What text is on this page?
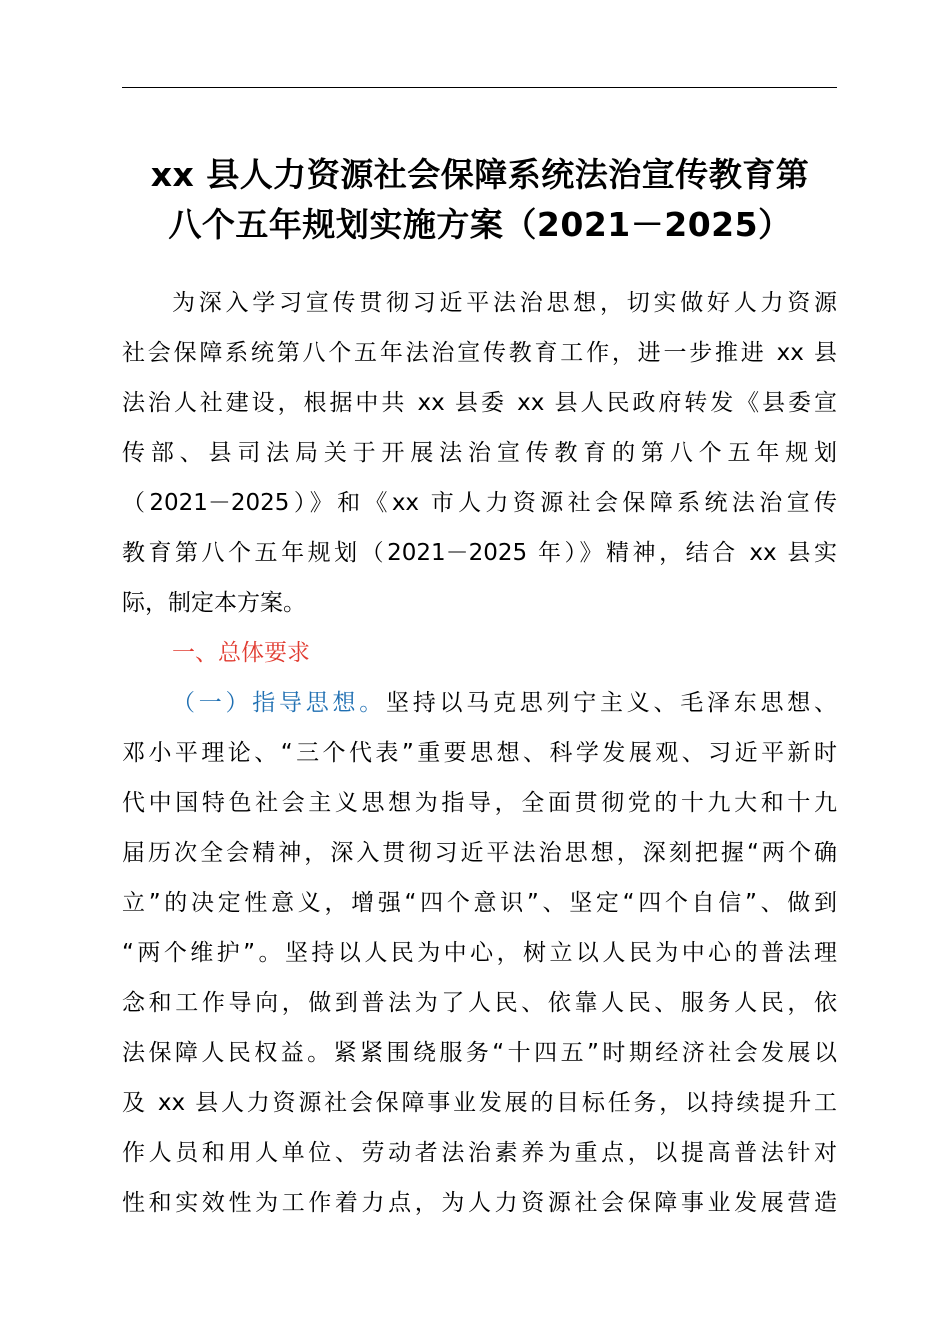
xx 县人力资源社会保障系统法治宣传教育第
八个五年规划实施方案（2021－2025）
为深入学习宣传贯彻习近平法治思想，切实做好人力资源
社会保障系统第八个五年法治宣传教育工作，进一步推进 xx 县
法治人社建设，根据中共 xx 县委 xx 县人民政府转发《县委宣
传部、县司法局关于开展法治宣传教育的第八个五年规划
（2021－2025）》和《xx 市人力资源社会保障系统法治宣传
教育第八个五年规划（2021－2025 年）》精神，结合 xx 县实
际，制定本方案。
一、总体要求
（一）指导思想。坚持以马克思列宁主义、毛泽东思想、
邓小平理论、“三个代表”重要思想、科学发展观、习近平新时
代中国特色社会主义思想为指导，全面贯彻党的十九大和十九
届历次全会精神，深入贯彻习近平法治思想，深刻把握“两个确
立”的决定性意义，增强“四个意识”、坚定“四个自信”、做到
“两个维护”。坚持以人民为中心，树立以人民为中心的普法理
念和工作导向，做到普法为了人民、依靠人民、服务人民，依
法保障人民权益。紧紧围绕服务“十四五”时期经济社会发展以
及 xx 县人力资源社会保障事业发展的目标任务，以持续提升工
作人员和用人单位、劳动者法治素养为重点，以提高普法针对
性和实效性为工作着力点，为人力资源社会保障事业发展营造
